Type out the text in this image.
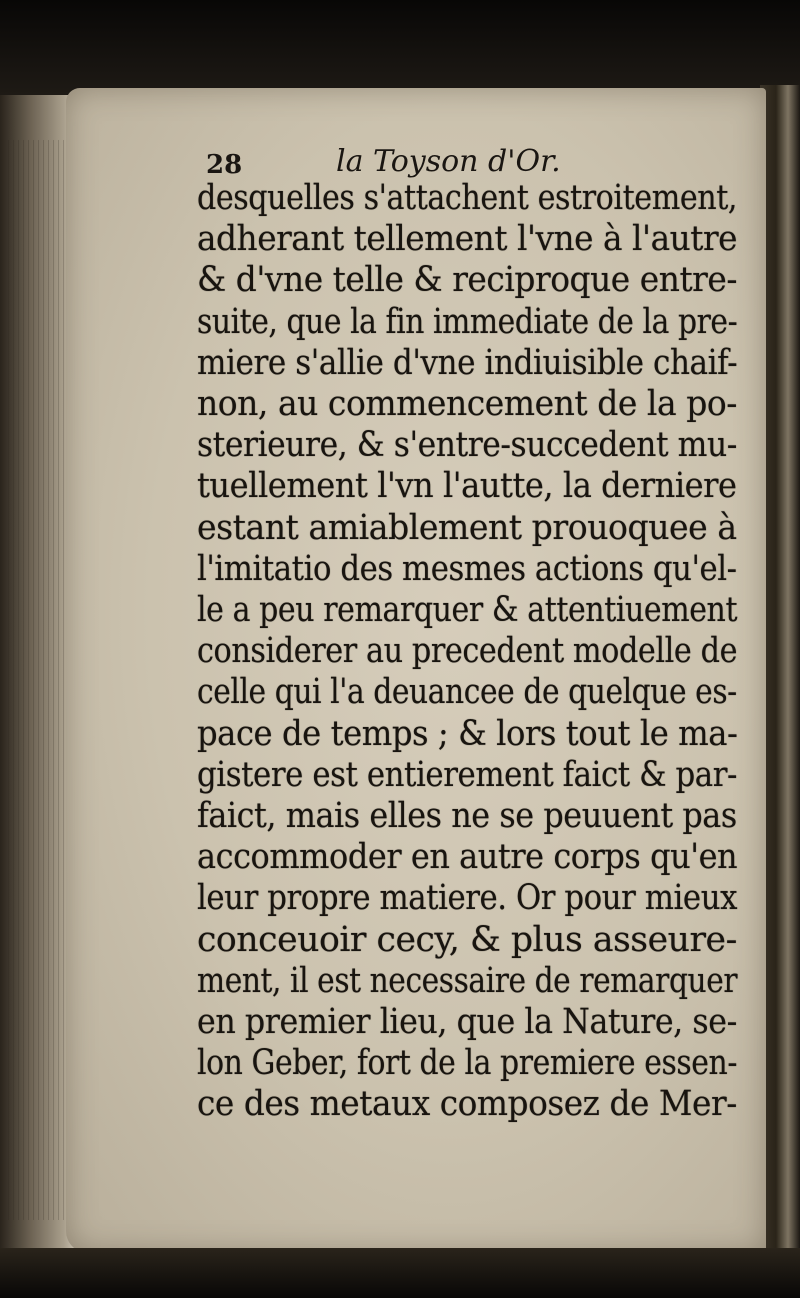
28	la Toyson d'Or.
desquelles s'attachent estroitement,
adherant tellement l'vne à l'autre
& d'vne telle & reciproque entre-
suite, que la fin immediate de la pre-
miere s'allie d'vne indiuisible chaif-
non, au commencement de la po-
sterieure, & s'entre-succedent mu-
tuellement l'vn l'autte, la derniere
estant amiablement prouoquee à
l'imitatio des mesmes actions qu'el-
le a peu remarquer & attentiuement
considerer au precedent modelle de
celle qui l'a deuancee de quelque es-
pace de temps ; & lors tout le ma-
gistere est entierement faict & par-
faict, mais elles ne se peuuent pas
accommoder en autre corps qu'en
leur propre matiere. Or pour mieux
conceuoir cecy, & plus asseure-
ment, il est necessaire de remarquer
en premier lieu, que la Nature, se-
lon Geber, fort de la premiere essen-
ce des metaux composez de Mer-
